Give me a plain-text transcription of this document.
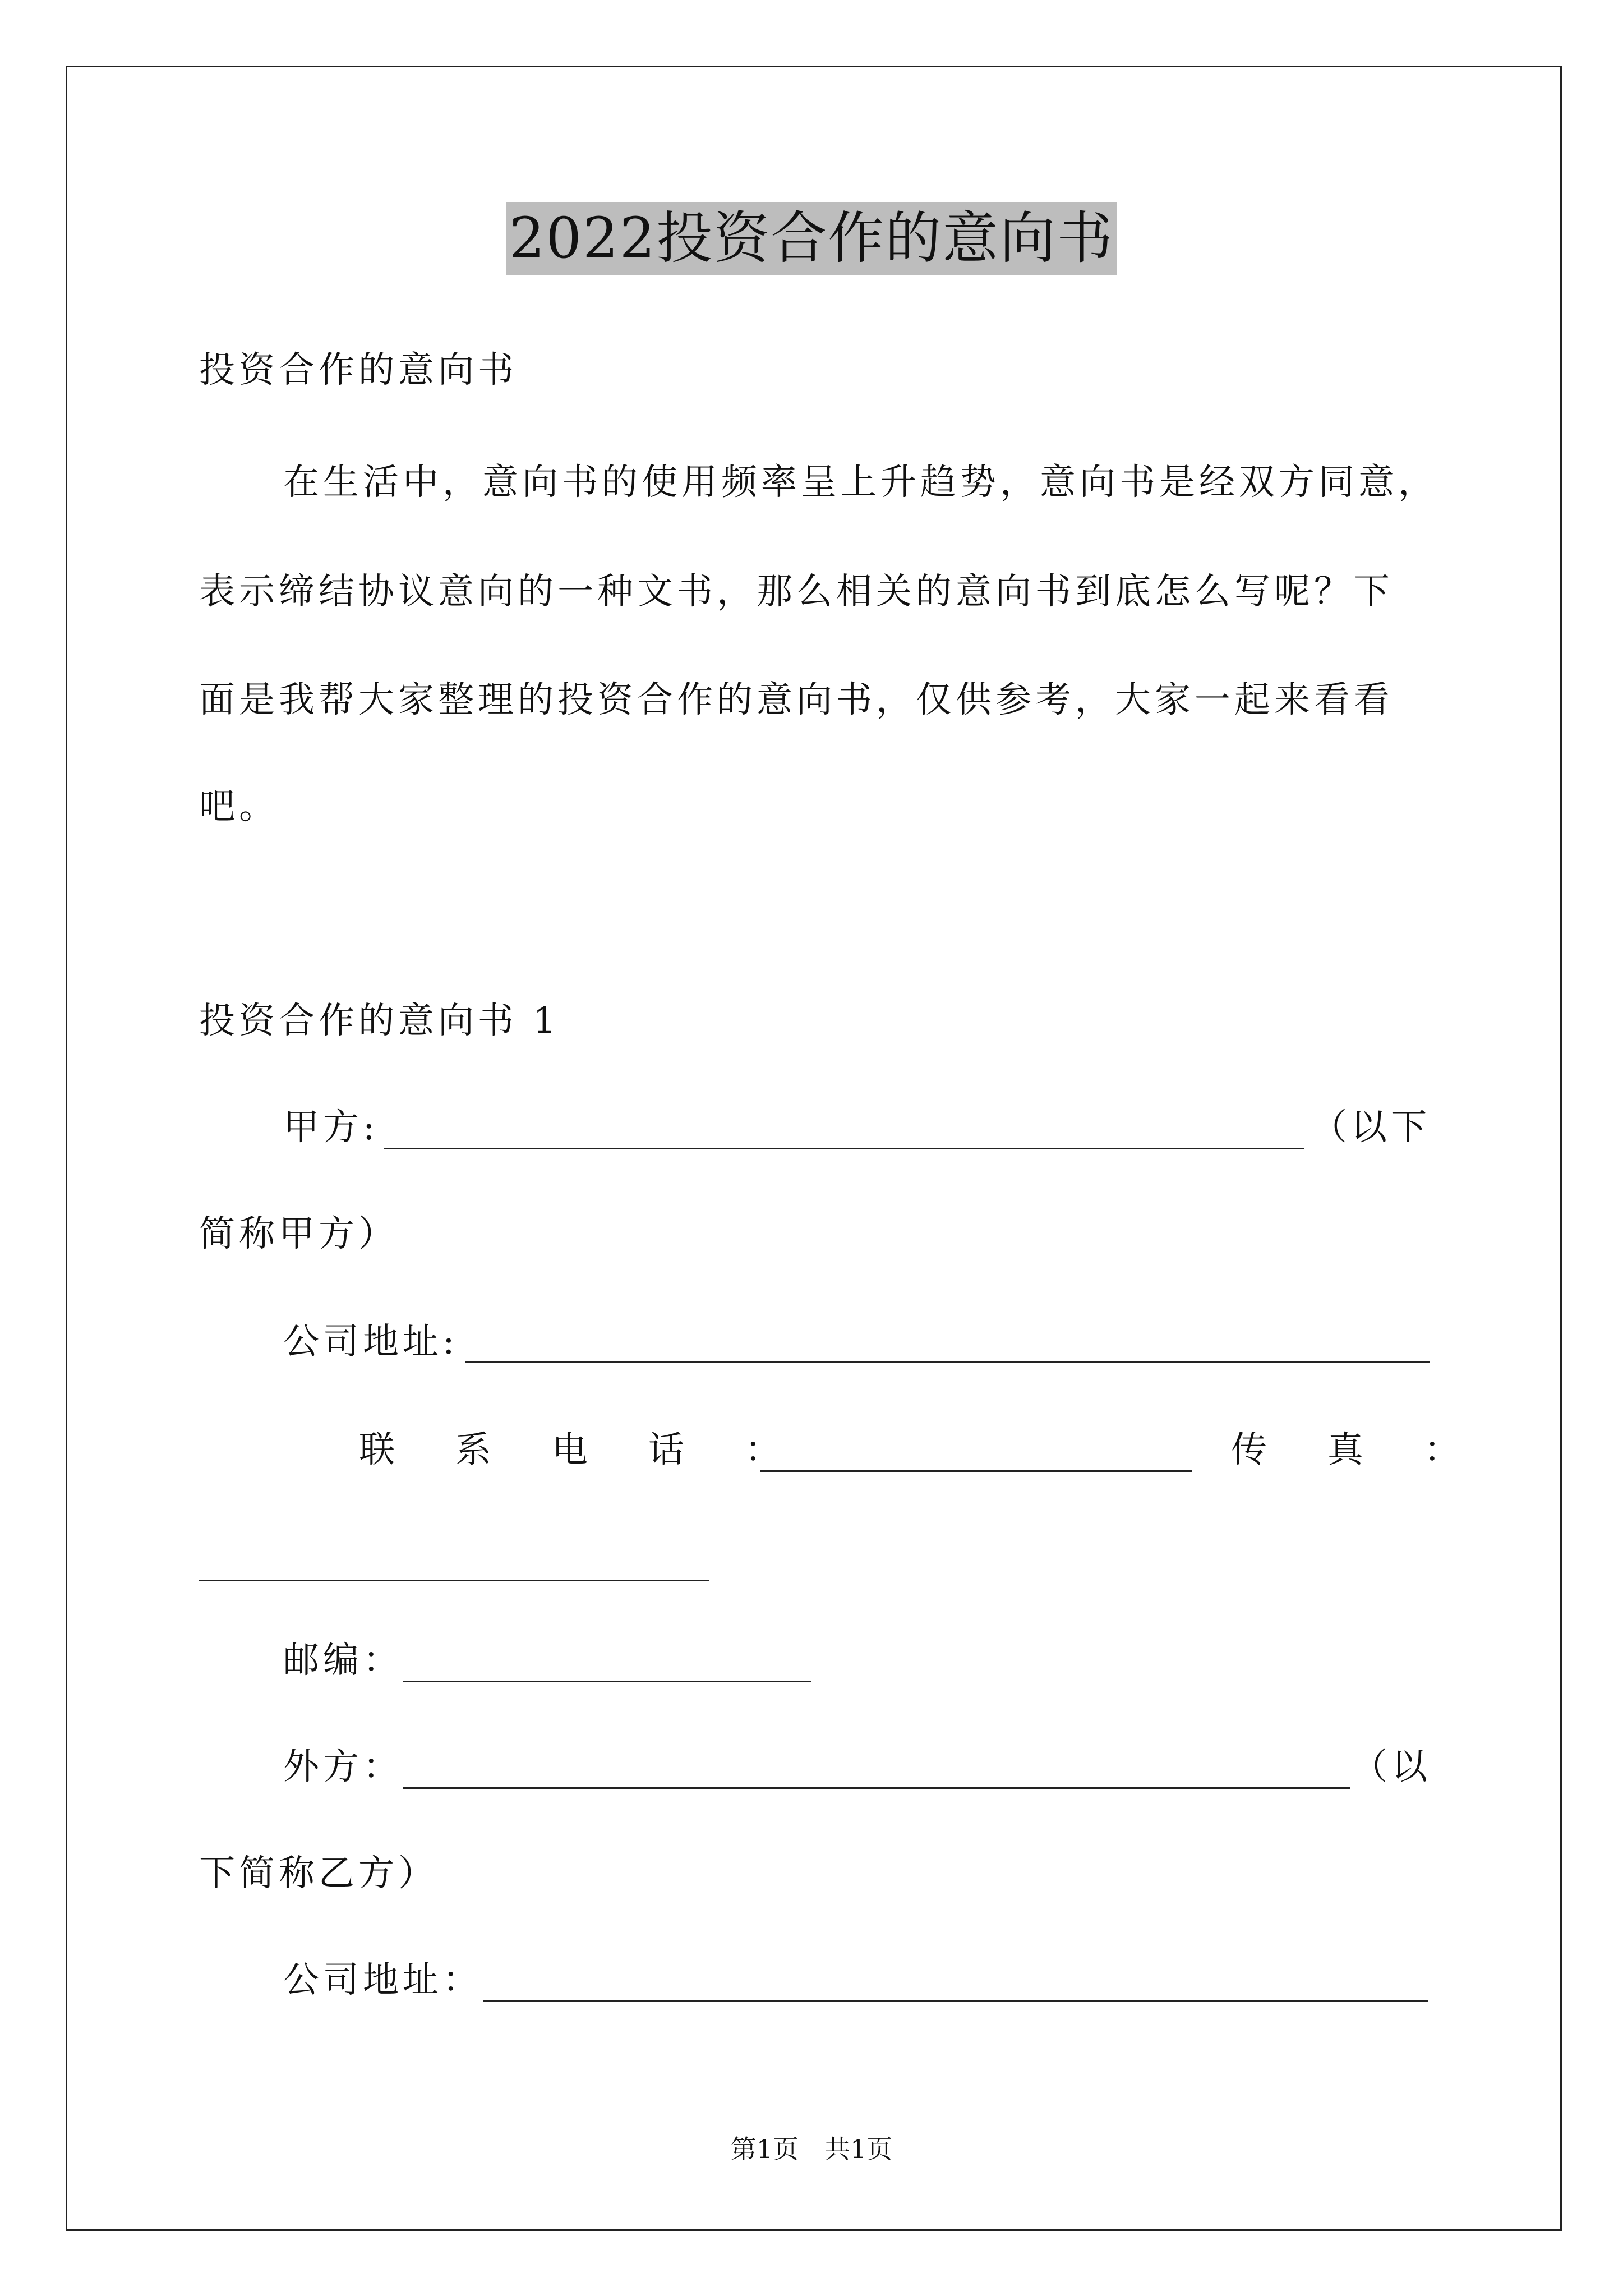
2022投资合作的意向书
投资合作的意向书
在生活中，意向书的使用频率呈上升趋势，意向书是经双方同意，
表示缔结协议意向的一种文书，那么相关的意向书到底怎么写呢？下
面是我帮大家整理的投资合作的意向书，仅供参考，大家一起来看看
吧。
投资合作的意向书 1
甲方:	（以下
简称甲方）
公司地址:
联系电话：	传真：
邮编：
外方：	（以
下简称乙方）
公司地址：
第1页　共1页
